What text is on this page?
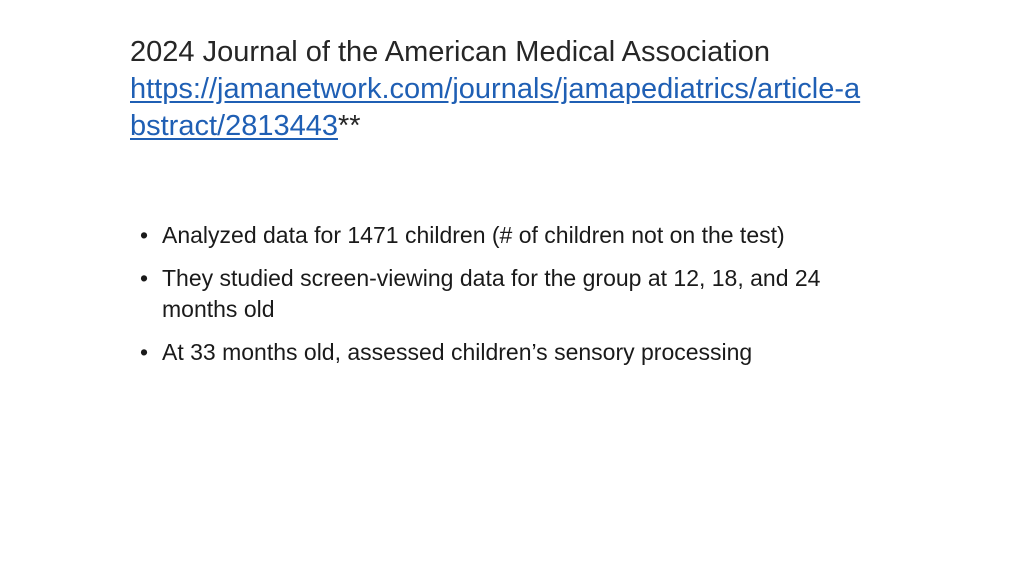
2024 Journal of the American Medical Association
https://jamanetwork.com/journals/jamapediatrics/article-abstract/2813443**
• Analyzed data for 1471 children (# of children not on the test)
• They studied screen-viewing data for the group at 12, 18, and 24 months old
• At 33 months old, assessed children’s sensory processing
